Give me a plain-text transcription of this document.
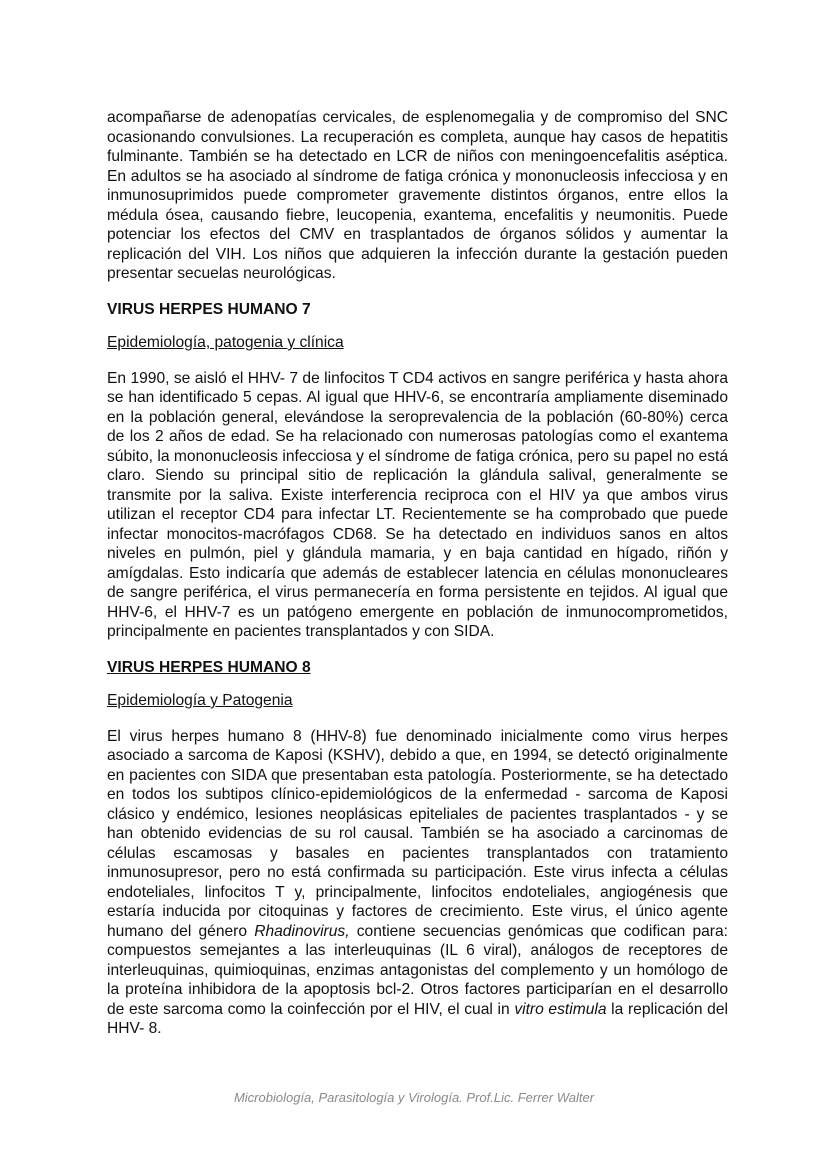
acompañarse de adenopatías cervicales, de esplenomegalia y de compromiso del SNC ocasionando convulsiones. La recuperación es completa, aunque hay casos de hepatitis fulminante. También se ha detectado en LCR de niños con meningoencefalitis aséptica. En adultos se ha asociado al síndrome de fatiga crónica y mononucleosis infecciosa y en inmunosuprimidos puede comprometer gravemente distintos órganos, entre ellos la médula ósea, causando fiebre, leucopenia, exantema, encefalitis y neumonitis. Puede potenciar los efectos del CMV en trasplantados de órganos sólidos y aumentar la replicación del VIH. Los niños que adquieren la infección durante la gestación pueden presentar secuelas neurológicas.

VIRUS HERPES HUMANO 7

Epidemiología, patogenia y clínica

En 1990, se aisló el HHV- 7 de linfocitos T CD4 activos en sangre periférica y hasta ahora se han identificado 5 cepas. Al igual que HHV-6, se encontraría ampliamente diseminado en la población general, elevándose la seroprevalencia de la población (60-80%) cerca de los 2 años de edad. Se ha relacionado con numerosas patologías como el exantema súbito, la mononucleosis infecciosa y el síndrome de fatiga crónica, pero su papel no está claro. Siendo su principal sitio de replicación la glándula salival, generalmente se transmite por la saliva. Existe interferencia reciproca con el HIV ya que ambos virus utilizan el receptor CD4 para infectar LT. Recientemente se ha comprobado que puede infectar monocitos-macrófagos CD68. Se ha detectado en individuos sanos en altos niveles en pulmón, piel y glándula mamaria, y en baja cantidad en hígado, riñón y amígdalas. Esto indicaría que además de establecer latencia en células mononucleares de sangre periférica, el virus permanecería en forma persistente en tejidos. Al igual que HHV-6, el HHV-7 es un patógeno emergente en población de inmunocomprometidos, principalmente en pacientes transplantados y con SIDA.

VIRUS HERPES HUMANO 8

Epidemiología y Patogenia

El virus herpes humano 8 (HHV-8) fue denominado inicialmente como virus herpes asociado a sarcoma de Kaposi (KSHV), debido a que, en 1994, se detectó originalmente en pacientes con SIDA que presentaban esta patología. Posteriormente, se ha detectado en todos los subtipos clínico-epidemiológicos de la enfermedad - sarcoma de Kaposi clásico y endémico, lesiones neoplásicas epiteliales de pacientes trasplantados - y se han obtenido evidencias de su rol causal. También se ha asociado a carcinomas de células escamosas y basales en pacientes transplantados con tratamiento inmunosupresor, pero no está confirmada su participación. Este virus infecta a células endoteliales, linfocitos T y, principalmente, linfocitos endoteliales, angiogénesis que estaría inducida por citoquinas y factores de crecimiento. Este virus, el único agente humano del género Rhadinovirus, contiene secuencias genómicas que codifican para: compuestos semejantes a las interleuquinas (IL 6 viral), análogos de receptores de interleuquinas, quimioquinas, enzimas antagonistas del complemento y un homólogo de la proteína inhibidora de la apoptosis bcl-2. Otros factores participarían en el desarrollo de este sarcoma como la coinfección por el HIV, el cual in vitro estimula la replicación del HHV- 8.

Microbiología, Parasitología y Virología. Prof.Lic. Ferrer Walter
